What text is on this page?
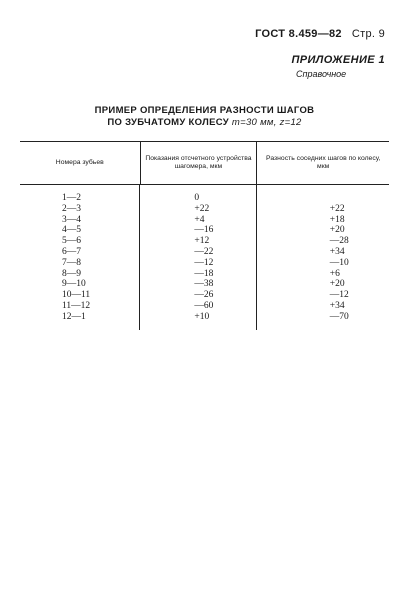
ГОСТ 8.459—82 Стр. 9
ПРИЛОЖЕНИЕ 1
Справочное
ПРИМЕР ОПРЕДЕЛЕНИЯ РАЗНОСТИ ШАГОВ
ПО ЗУБЧАТОМУ КОЛЕСУ m=30 мм, z=12
Номера зубьев
Показания отсчетного устройства шагомера, мкм
Разность соседних шагов по колесу, мкм
1—2
2—3
3—4
4—5
5—6
6—7
7—8
8—9
9—10
10—11
11—12
12—1
0
+22
+4
—16
+12
—22
—12
—18
—38
—26
—60
+10

+22
+18
+20
—28
+34
—10
+6
+20
—12
+34
—70
